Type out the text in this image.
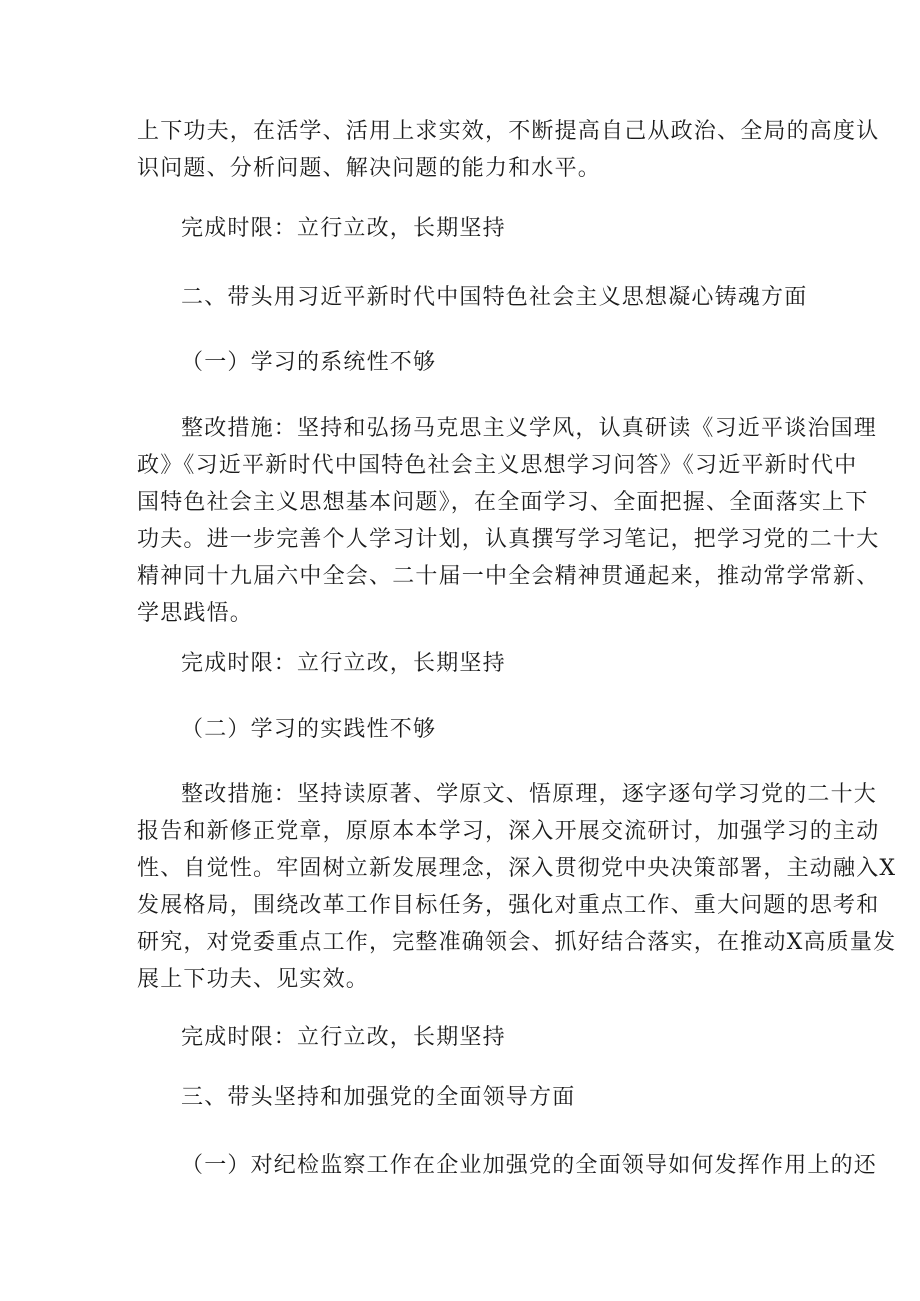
上下功夫，在活学、活用上求实效，不断提高自己从政治、全局的高度认
识问题、分析问题、解决问题的能力和水平。

完成时限：立行立改，长期坚持

二、带头用习近平新时代中国特色社会主义思想凝心铸魂方面

（一）学习的系统性不够

整改措施：坚持和弘扬马克思主义学风，认真研读《习近平谈治国理
政》《习近平新时代中国特色社会主义思想学习问答》《习近平新时代中
国特色社会主义思想基本问题》，在全面学习、全面把握、全面落实上下
功夫。进一步完善个人学习计划，认真撰写学习笔记，把学习党的二十大
精神同十九届六中全会、二十届一中全会精神贯通起来，推动常学常新、
学思践悟。

完成时限：立行立改，长期坚持

（二）学习的实践性不够

整改措施：坚持读原著、学原文、悟原理，逐字逐句学习党的二十大
报告和新修正党章，原原本本学习，深入开展交流研讨，加强学习的主动
性、自觉性。牢固树立新发展理念，深入贯彻党中央决策部署，主动融入X
发展格局，围绕改革工作目标任务，强化对重点工作、重大问题的思考和
研究，对党委重点工作，完整准确领会、抓好结合落实，在推动X高质量发
展上下功夫、见实效。

完成时限：立行立改，长期坚持

三、带头坚持和加强党的全面领导方面

（一）对纪检监察工作在企业加强党的全面领导如何发挥作用上的还
